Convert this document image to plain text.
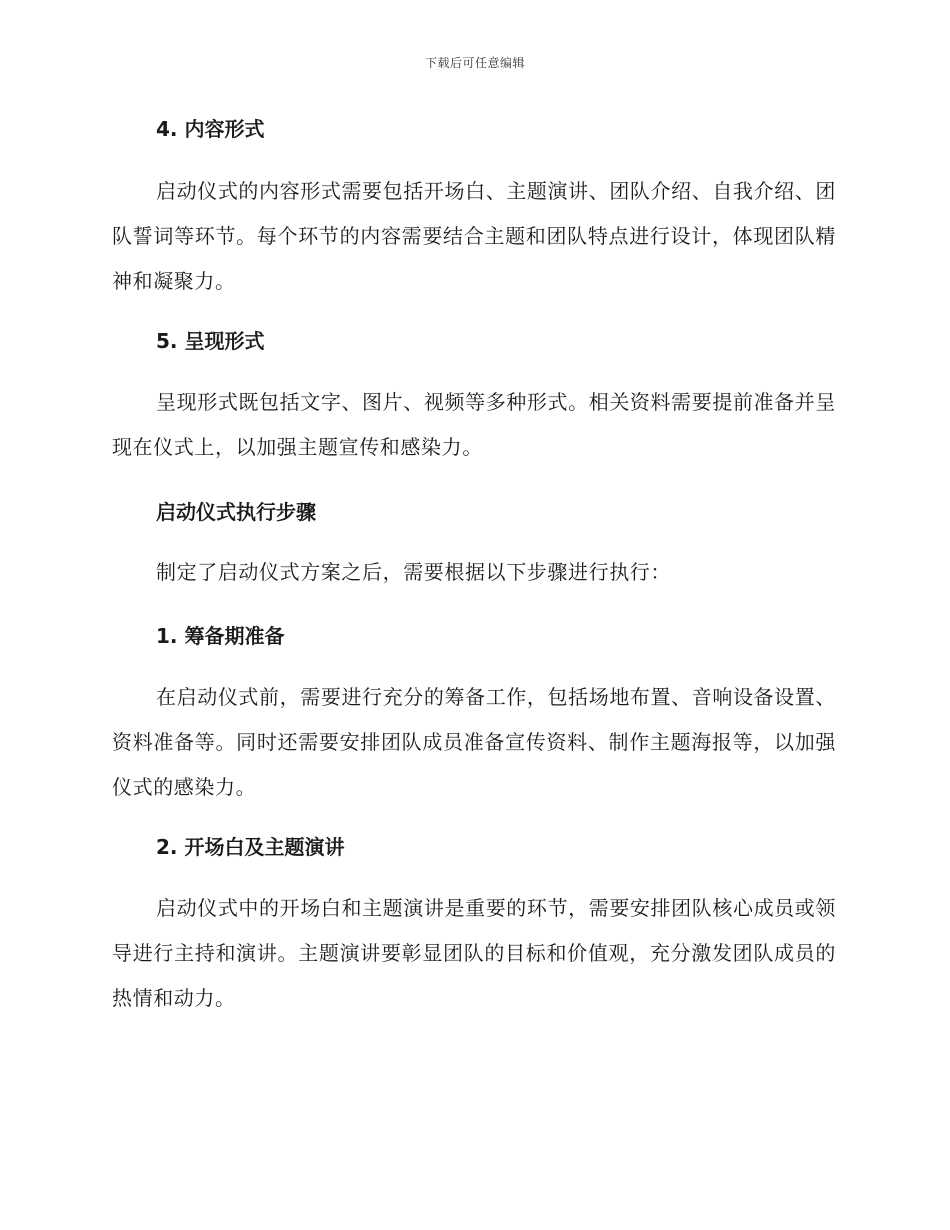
下载后可任意编辑

4. 内容形式

启动仪式的内容形式需要包括开场白、主题演讲、团队介绍、自我介绍、团队誓词等环节。每个环节的内容需要结合主题和团队特点进行设计，体现团队精神和凝聚力。

5. 呈现形式

呈现形式既包括文字、图片、视频等多种形式。相关资料需要提前准备并呈现在仪式上，以加强主题宣传和感染力。

启动仪式执行步骤

制定了启动仪式方案之后，需要根据以下步骤进行执行：

1. 筹备期准备

在启动仪式前，需要进行充分的筹备工作，包括场地布置、音响设备设置、资料准备等。同时还需要安排团队成员准备宣传资料、制作主题海报等，以加强仪式的感染力。

2. 开场白及主题演讲

启动仪式中的开场白和主题演讲是重要的环节，需要安排团队核心成员或领导进行主持和演讲。主题演讲要彰显团队的目标和价值观，充分激发团队成员的热情和动力。
